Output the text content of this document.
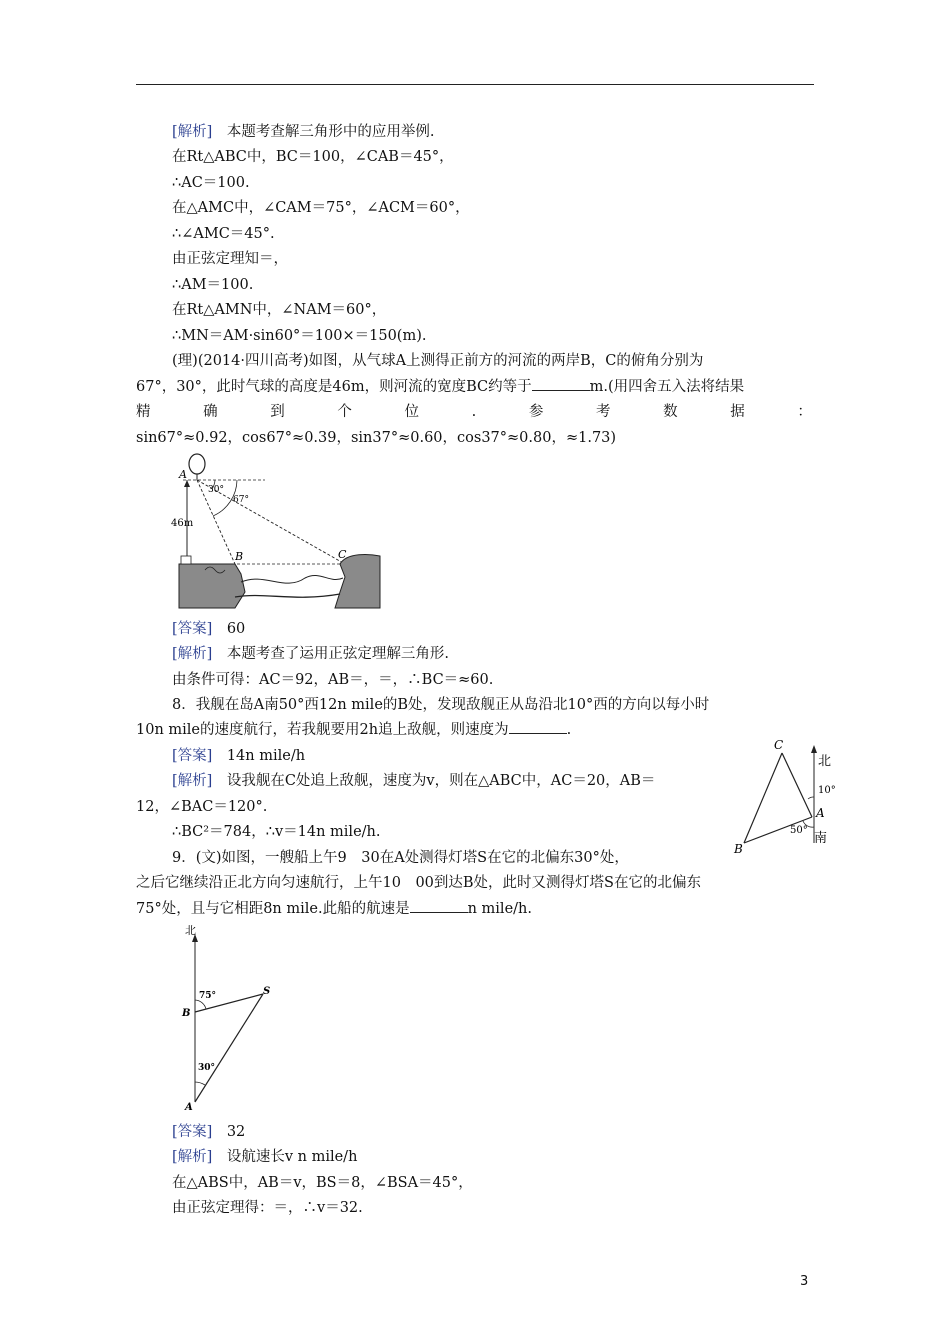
[解析]　 本题考查解三角形中的应用举例.
在Rt△ABC中，BC＝100，∠CAB＝45°，
∴AC＝100.
在△AMC中，∠CAM＝75°，∠ACM＝60°，
∴∠AMC＝45°.
由正弦定理知＝，
∴AM＝100.
在Rt△AMN中，∠NAM＝60°，
∴MN＝AM·sin60°＝100×＝150(m).
(理)(2014·四川高考)如图，从气球A上测得正前方的河流的两岸B，C的俯角分别为
67°，30°，此时气球的高度是46m，则河流的宽度BC约等于	m.(用四舍五入法将结果
精	确	到	个	位	.	参	考	数	据	：
sin67°≈0.92，cos67°≈0.39，sin37°≈0.60，cos37°≈0.80，≈1.73)
A
B	C
46m
30°
67°
[答案]　 60
[解析]　 本题考查了运用正弦定理解三角形.
由条件可得：AC＝92，AB＝，＝，∴BC＝≈60.
8．我舰在岛A南50°西12n mile的B处，发现敌舰正从岛沿北10°西的方向以每小时
10n mile的速度航行，若我舰要用2h追上敌舰，则速度为	.
[答案]　 14n mile/h
[解析]　 设我舰在C处追上敌舰，速度为v，则在△ABC中，AC＝20，AB＝
12，∠BAC＝120°.
∴BC²＝784，∴v＝14n mile/h.
C
B
A
北
南
10°
50°
9．(文)如图，一艘船上午9　30在A处测得灯塔S在它的北偏东30°处，
之后它继续沿正北方向匀速航行，上午10　00到达B处，此时又测得灯塔S在它的北偏东
75°处，且与它相距8n mile.此船的航速是	n mile/h.
北
B
S
A
75°
30°
[答案]　 32
[解析]　 设航速长v n mile/h
在△ABS中，AB＝v，BS＝8，∠BSA＝45°，
由正弦定理得：＝，∴v＝32.
3
